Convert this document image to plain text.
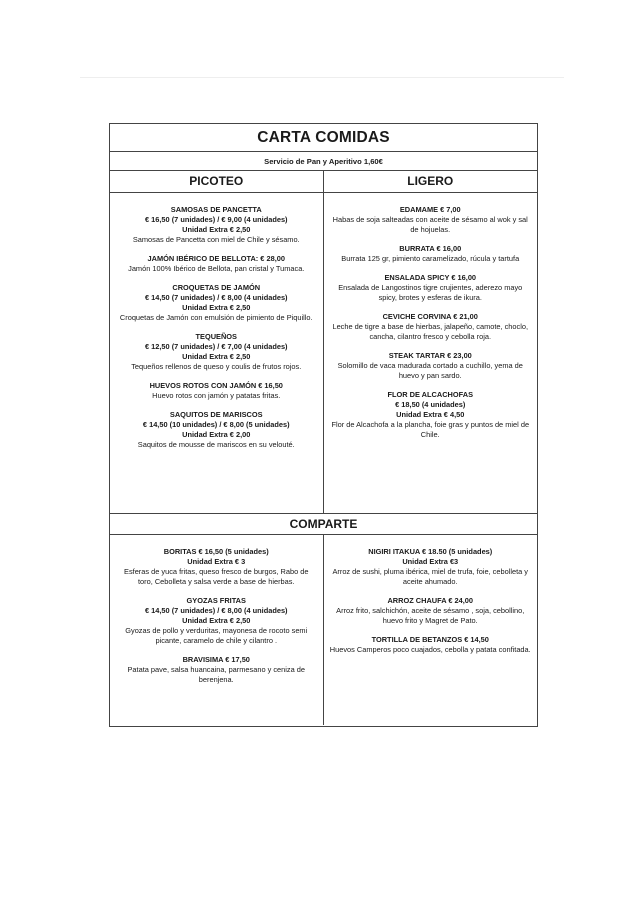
CARTA COMIDAS
Servicio de Pan y Aperitivo 1,60€
PICOTEO
SAMOSAS DE PANCETTA
€ 16,50 (7 unidades) / € 9,00 (4 unidades)
Unidad Extra € 2,50
Samosas de Pancetta con miel de Chile y sésamo.
JAMÓN IBÉRICO DE BELLOTA: € 28,00
Jamón 100% Ibérico de Bellota, pan cristal y Tumaca.
CROQUETAS DE JAMÓN
€ 14,50 (7 unidades) / € 8,00 (4 unidades)
Unidad Extra € 2,50
Croquetas de Jamón con emulsión de pimiento de Piquillo.
TEQUEÑOS
€ 12,50 (7 unidades) / € 7,00 (4 unidades)
Unidad Extra € 2,50
Tequeños rellenos de queso y coulis de frutos rojos.
HUEVOS ROTOS CON JAMÓN € 16,50
Huevo rotos con jamón y patatas fritas.
SAQUITOS DE MARISCOS
€ 14,50 (10 unidades) / € 8,00 (5 unidades)
Unidad Extra € 2,00
Saquitos de mousse de mariscos en su velouté.
LIGERO
EDAMAME € 7,00
Habas de soja salteadas con aceite de sésamo al wok y sal de hojuelas.
BURRATA € 16,00
Burrata 125 gr, pimiento caramelizado, rúcula y tartufa
ENSALADA SPICY € 16,00
Ensalada de Langostinos tigre crujientes, aderezo mayo spicy, brotes y esferas de ikura.
CEVICHE CORVINA € 21,00
Leche de tigre a base de hierbas, jalapeño, camote, choclo, cancha, cilantro fresco y cebolla roja.
STEAK TARTAR € 23,00
Solomillo de vaca madurada cortado a cuchillo, yema de huevo y pan sardo.
FLOR DE ALCACHOFAS
€ 18,50 (4 unidades)
Unidad Extra € 4,50
Flor de Alcachofa a la plancha, foie gras y puntos de miel de Chile.
COMPARTE
BORITAS € 16,50 (5 unidades)
Unidad Extra € 3
Esferas de yuca fritas, queso fresco de burgos, Rabo de toro, Cebolleta y salsa verde a base de hierbas.
GYOZAS FRITAS
€ 14,50 (7 unidades) / € 8,00 (4 unidades)
Unidad Extra € 2,50
Gyozas de pollo y verduritas, mayonesa de rocoto semi picante, caramelo de chile y cilantro .
BRAVISIMA € 17,50
Patata pave, salsa huancaina, parmesano y ceniza de berenjena.
NIGIRI ITAKUA € 18.50 (5 unidades)
Unidad Extra €3
Arroz de sushi, pluma ibérica, miel de trufa, foie, cebolleta y aceite ahumado.
ARROZ CHAUFA € 24,00
Arroz frito, salchichón, aceite de sésamo , soja, cebollino, huevo frito y Magret de Pato.
TORTILLA DE BETANZOS € 14,50
Huevos Camperos poco cuajados, cebolla y patata confitada.
